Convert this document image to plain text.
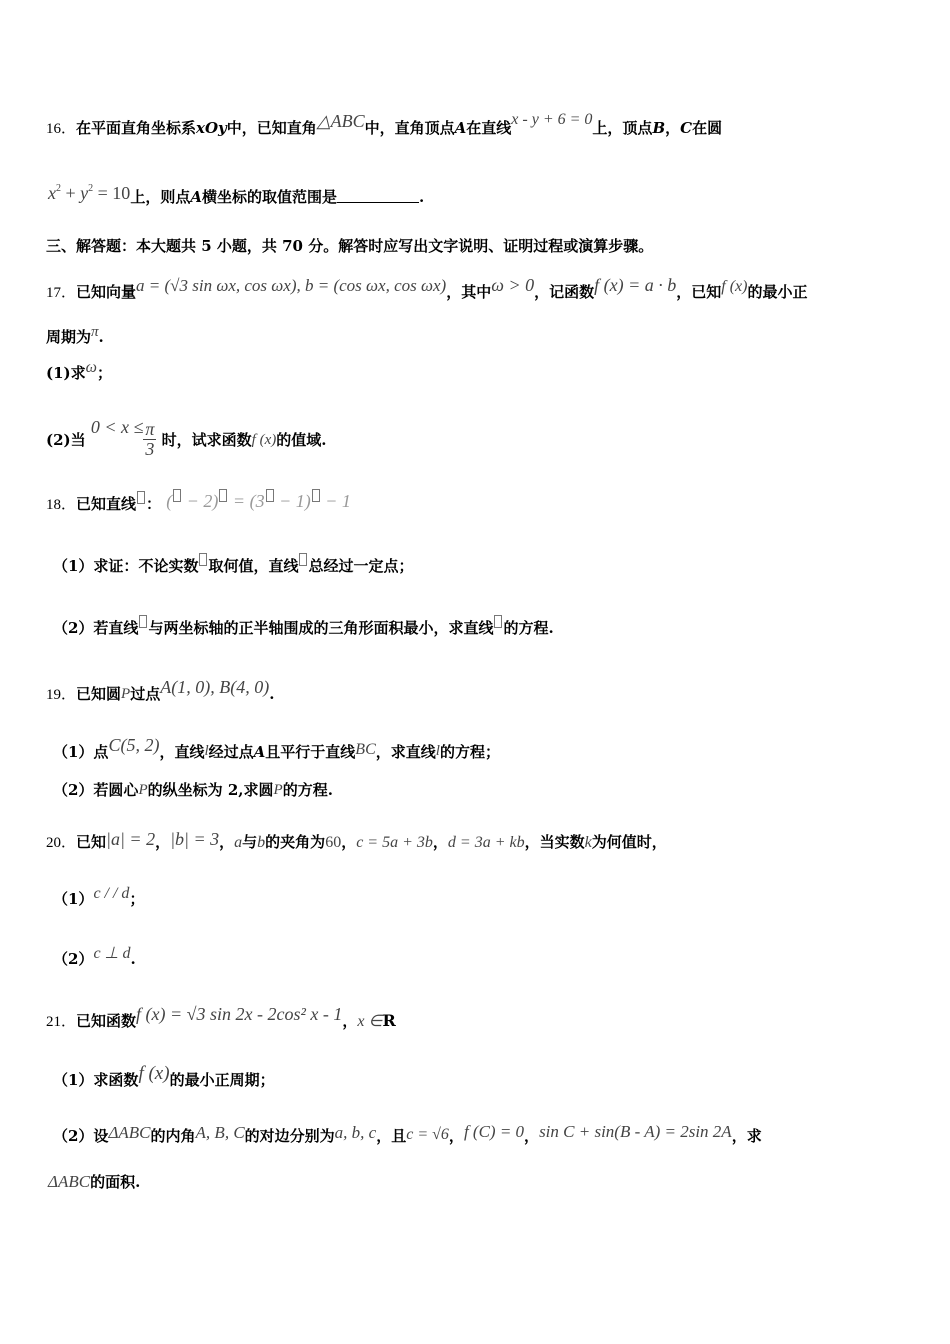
16．在平面直角坐标系xOy中，已知直角△ABC中，直角顶点A在直线x - y + 6 = 0上，顶点B，C在圆
$x^2 + y^2 = 10$上，则点A横坐标的取值范围是	.
三、解答题：本大题共 5 小题，共 70 分。解答时应写出文字说明、证明过程或演算步骤。
17．已知向量a = (√3 sin ωx, cos ωx), b = (cos ωx, cos ωx)，其中ω > 0，记函数f (x) = a · b，已知f (x)的最小正
周期为π.
(1)求ω；
(2)当 $0 < x \le \frac{\pi}{3}$ 时，试求函数f (x)的值域.
18．已知直线 ： ( − 2) = (3 − 1) − 1
（1）求证：不论实数 取何值，直线 总经过一定点；
（2）若直线 与两坐标轴的正半轴围成的三角形面积最小，求直线 的方程.
19．已知圆P过点A(1, 0), B(4, 0).
（1）点C(5, 2)，直线l经过点A且平行于直线BC，求直线l的方程；
（2）若圆心P的纵坐标为 2,求圆P的方程.
20．已知|a| = 2，|b| = 3，a与b的夹角为60，c = 5a + 3b，d = 3a + kb，当实数k为何值时，
（1）c / / d；
（2）c ⊥ d.
21．已知函数f (x) = √3 sin 2x - 2cos² x - 1，x ∈R
（1）求函数f (x)的最小正周期；
（2）设ΔABC的内角A, B, C的对边分别为a, b, c，且c = √6，f (C) = 0，sin C + sin(B - A) = 2sin 2A，求
ΔABC的面积.
